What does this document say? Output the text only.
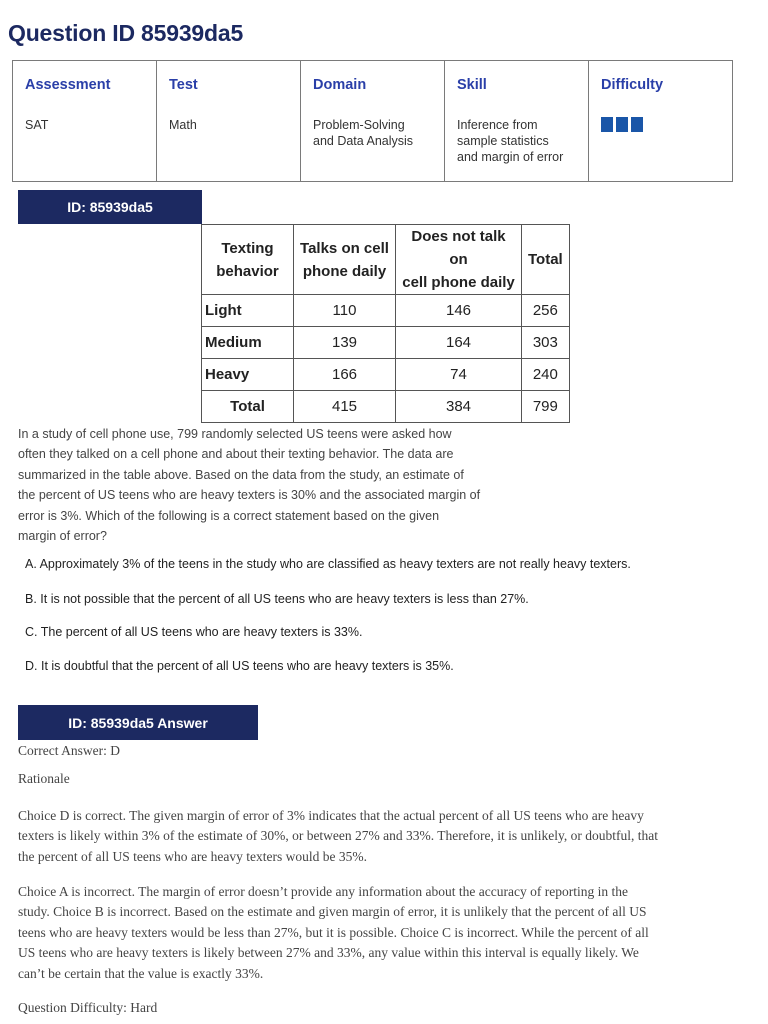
Question ID 85939da5
Assessment
SAT

Test
Math

Domain
Problem-Solving
and Data Analysis

Skill
Inference from
sample statistics
and margin of error

Difficulty
ID: 85939da5
Texting
behavior	Talks on cell
phone daily	Does not talk on
cell phone daily	Total
Light	110	146	256
Medium	139	164	303
Heavy	166	74	240
Total	415	384	799

In a study of cell phone use, 799 randomly selected US teens were asked how
often they talked on a cell phone and about their texting behavior. The data are
summarized in the table above. Based on the data from the study, an estimate of
the percent of US teens who are heavy texters is 30% and the associated margin of
error is 3%. Which of the following is a correct statement based on the given
margin of error?

A. Approximately 3% of the teens in the study who are classified as heavy texters are not really heavy texters.

B. It is not possible that the percent of all US teens who are heavy texters is less than 27%.

C. The percent of all US teens who are heavy texters is 33%.

D. It is doubtful that the percent of all US teens who are heavy texters is 35%.

ID: 85939da5 Answer

Correct Answer: D

Rationale

Choice D is correct. The given margin of error of 3% indicates that the actual percent of all US teens who are heavy
texters is likely within 3% of the estimate of 30%, or between 27% and 33%. Therefore, it is unlikely, or doubtful, that
the percent of all US teens who are heavy texters would be 35%.

Choice A is incorrect. The margin of error doesn’t provide any information about the accuracy of reporting in the
study. Choice B is incorrect. Based on the estimate and given margin of error, it is unlikely that the percent of all US
teens who are heavy texters would be less than 27%, but it is possible. Choice C is incorrect. While the percent of all
US teens who are heavy texters is likely between 27% and 33%, any value within this interval is equally likely. We
can’t be certain that the value is exactly 33%.

Question Difficulty: Hard
